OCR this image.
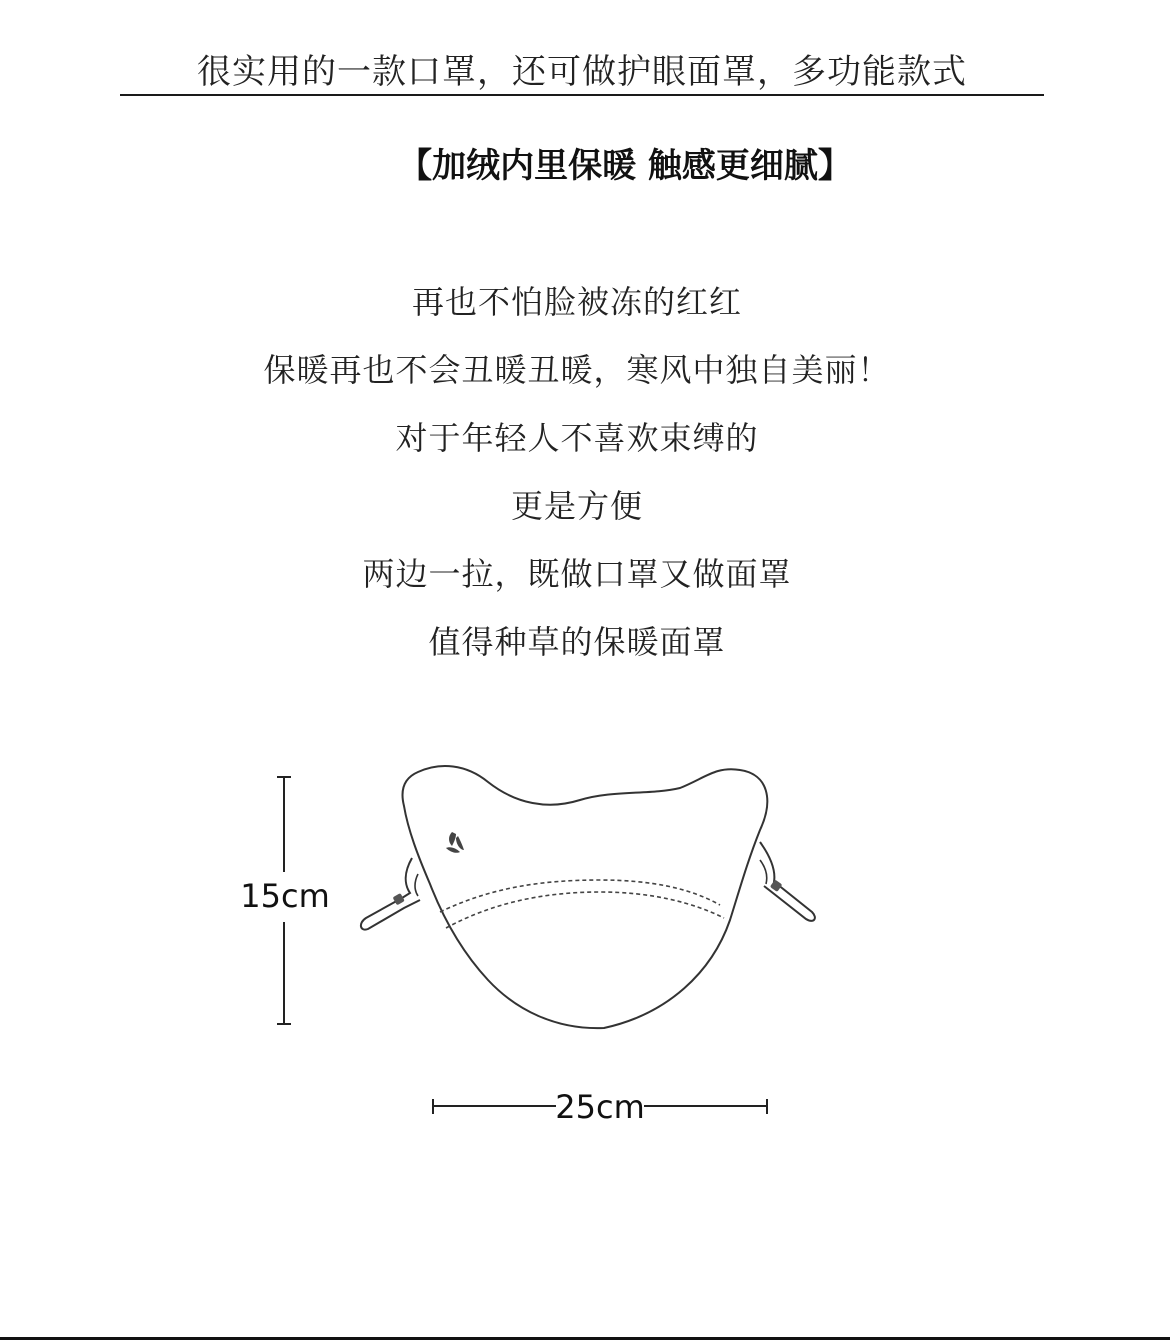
很实用的一款口罩，还可做护眼面罩，多功能款式
【加绒内里保暖 触感更细腻】
再也不怕脸被冻的红红
保暖再也不会丑暖丑暖，寒风中独自美丽！
对于年轻人不喜欢束缚的
更是方便
两边一拉，既做口罩又做面罩
值得种草的保暖面罩
15cm
25cm
